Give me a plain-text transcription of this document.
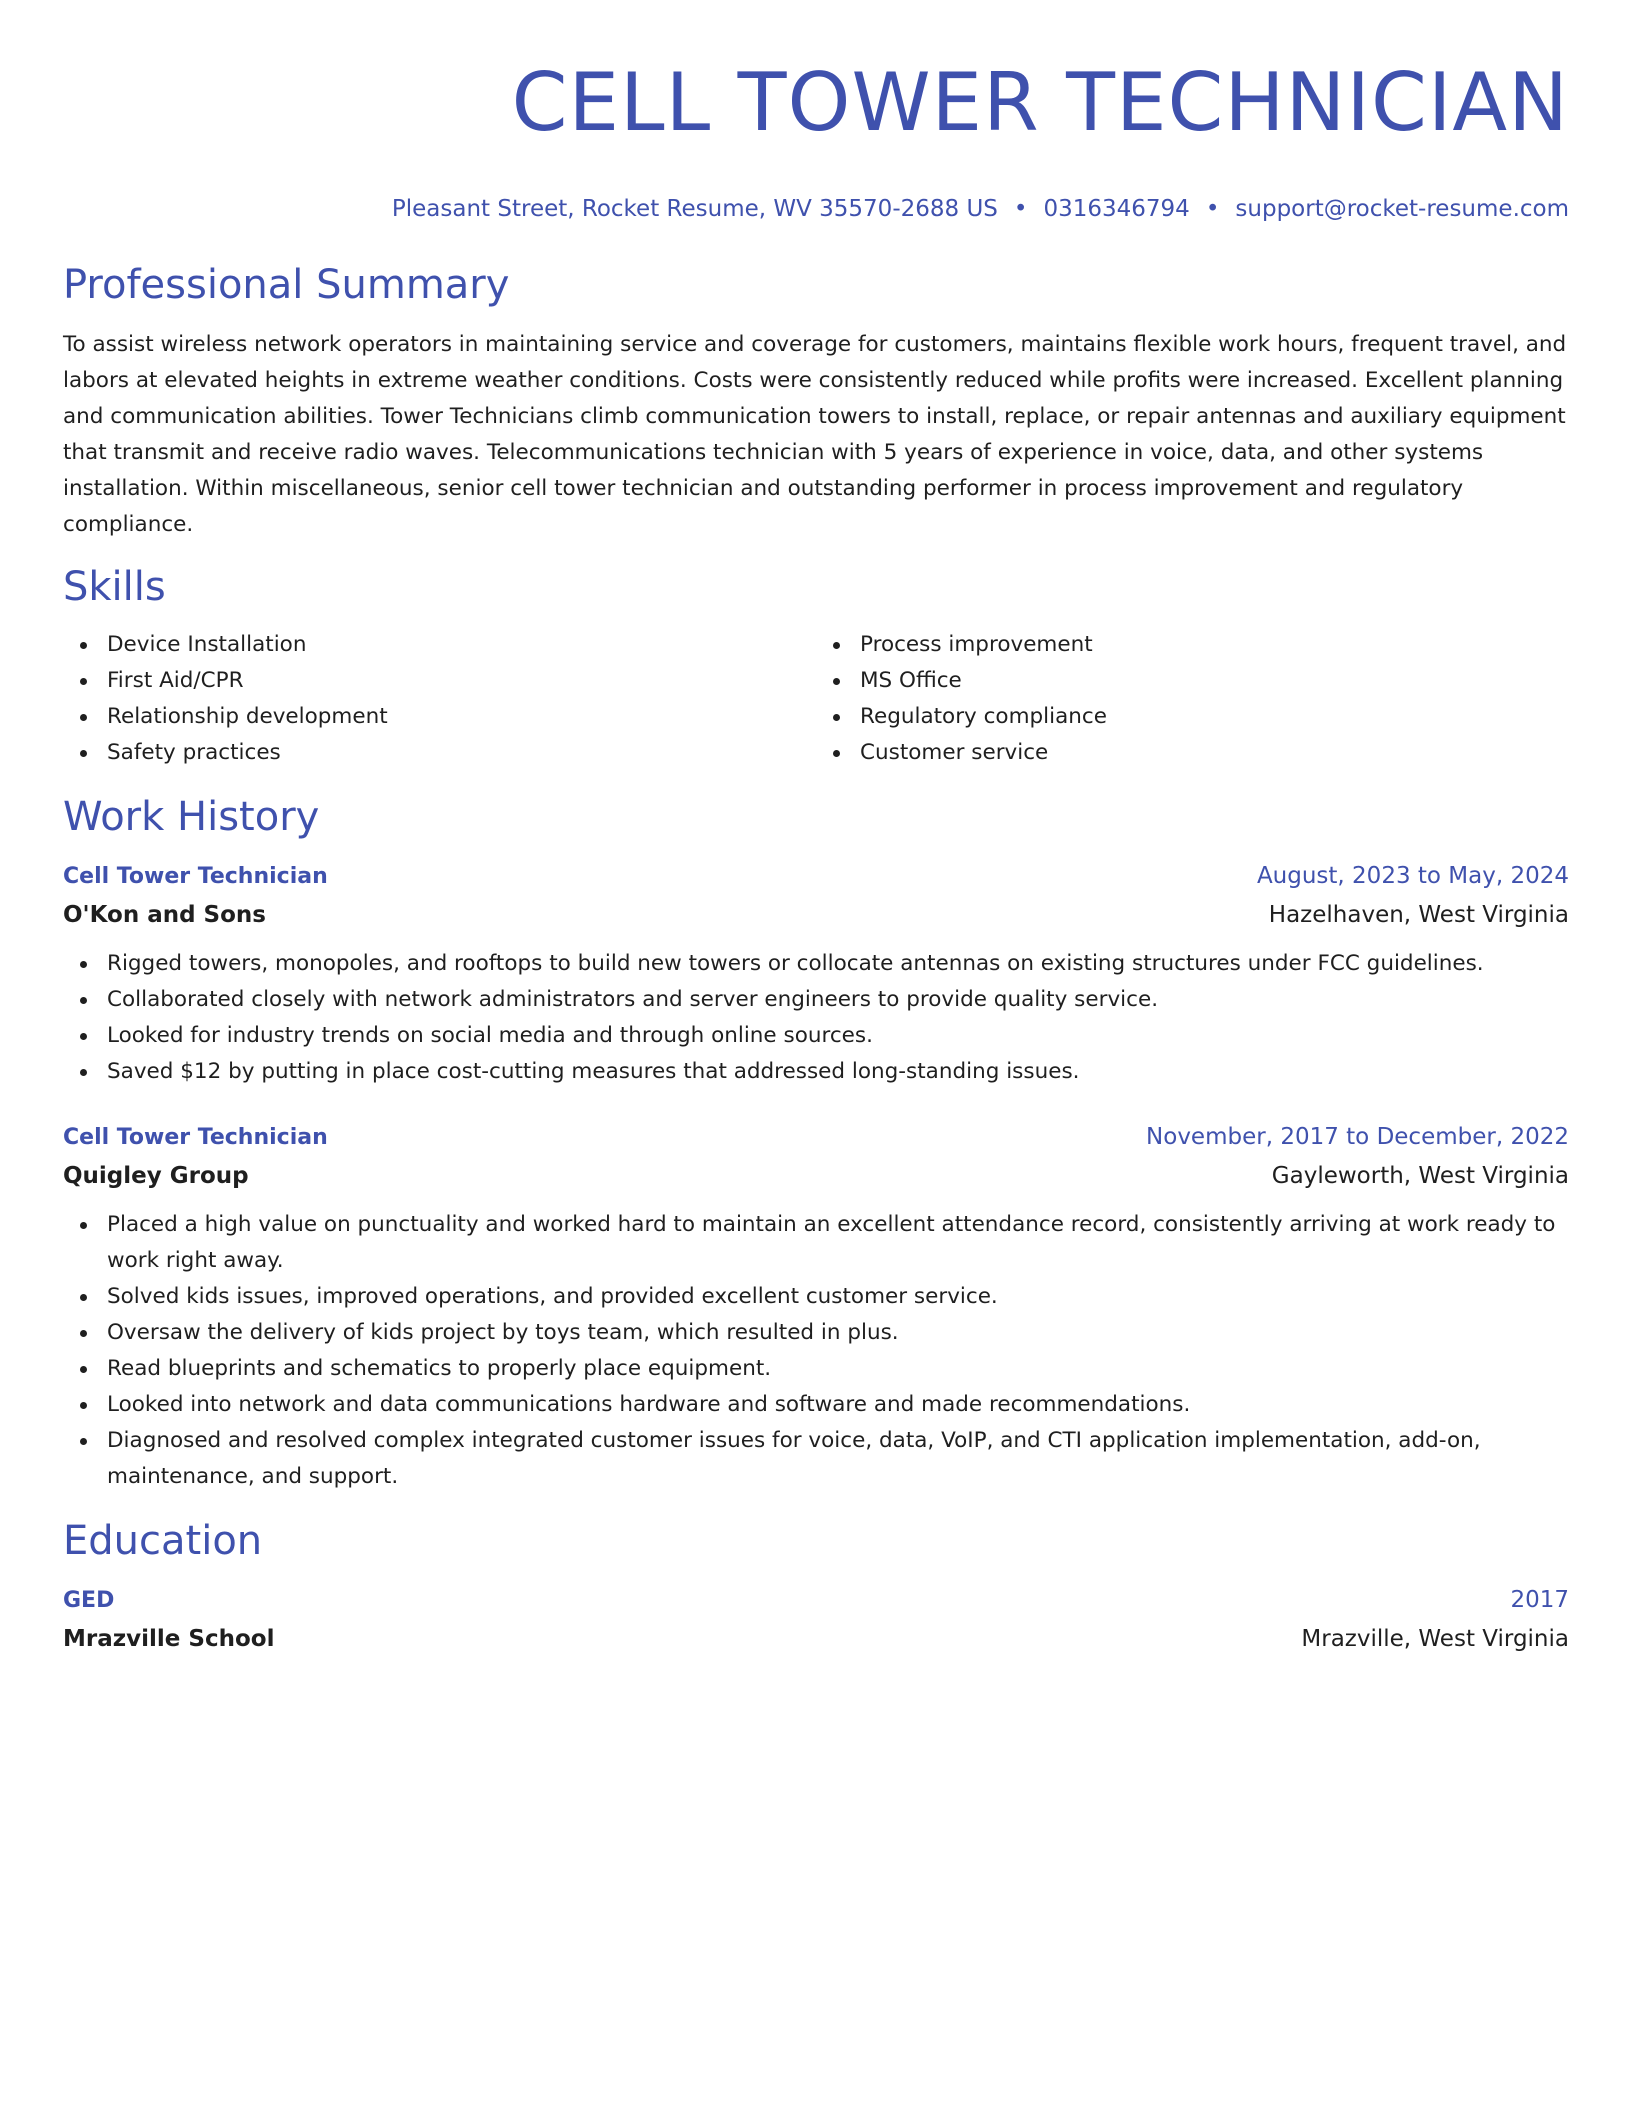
CELL TOWER TECHNICIAN
Pleasant Street, Rocket Resume, WV 35570-2688 US • 0316346794 • support@rocket-resume.com
Professional Summary

To assist wireless network operators in maintaining service and coverage for customers, maintains flexible work hours, frequent travel, and labors at elevated heights in extreme weather conditions. Costs were consistently reduced while profits were increased. Excellent planning and communication abilities. Tower Technicians climb communication towers to install, replace, or repair antennas and auxiliary equipment that transmit and receive radio waves. Telecommunications technician with 5 years of experience in voice, data, and other systems installation. Within miscellaneous, senior cell tower technician and outstanding performer in process improvement and regulatory compliance.

Skills
Device Installation
First Aid/CPR
Relationship development
Safety practices
Process improvement
MS Office
Regulatory compliance
Customer service
Work History
Cell Tower Technician	August, 2023 to May, 2024
O'Kon and Sons	Hazelhaven, West Virginia
Rigged towers, monopoles, and rooftops to build new towers or collocate antennas on existing structures under FCC guidelines.
Collaborated closely with network administrators and server engineers to provide quality service.
Looked for industry trends on social media and through online sources.
Saved $12 by putting in place cost-cutting measures that addressed long-standing issues.
Cell Tower Technician	November, 2017 to December, 2022
Quigley Group	Gayleworth, West Virginia
Placed a high value on punctuality and worked hard to maintain an excellent attendance record, consistently arriving at work ready to work right away.
Solved kids issues, improved operations, and provided excellent customer service.
Oversaw the delivery of kids project by toys team, which resulted in plus.
Read blueprints and schematics to properly place equipment.
Looked into network and data communications hardware and software and made recommendations.
Diagnosed and resolved complex integrated customer issues for voice, data, VoIP, and CTI application implementation, add-on, maintenance, and support.
Education
GED	2017
Mrazville School	Mrazville, West Virginia
